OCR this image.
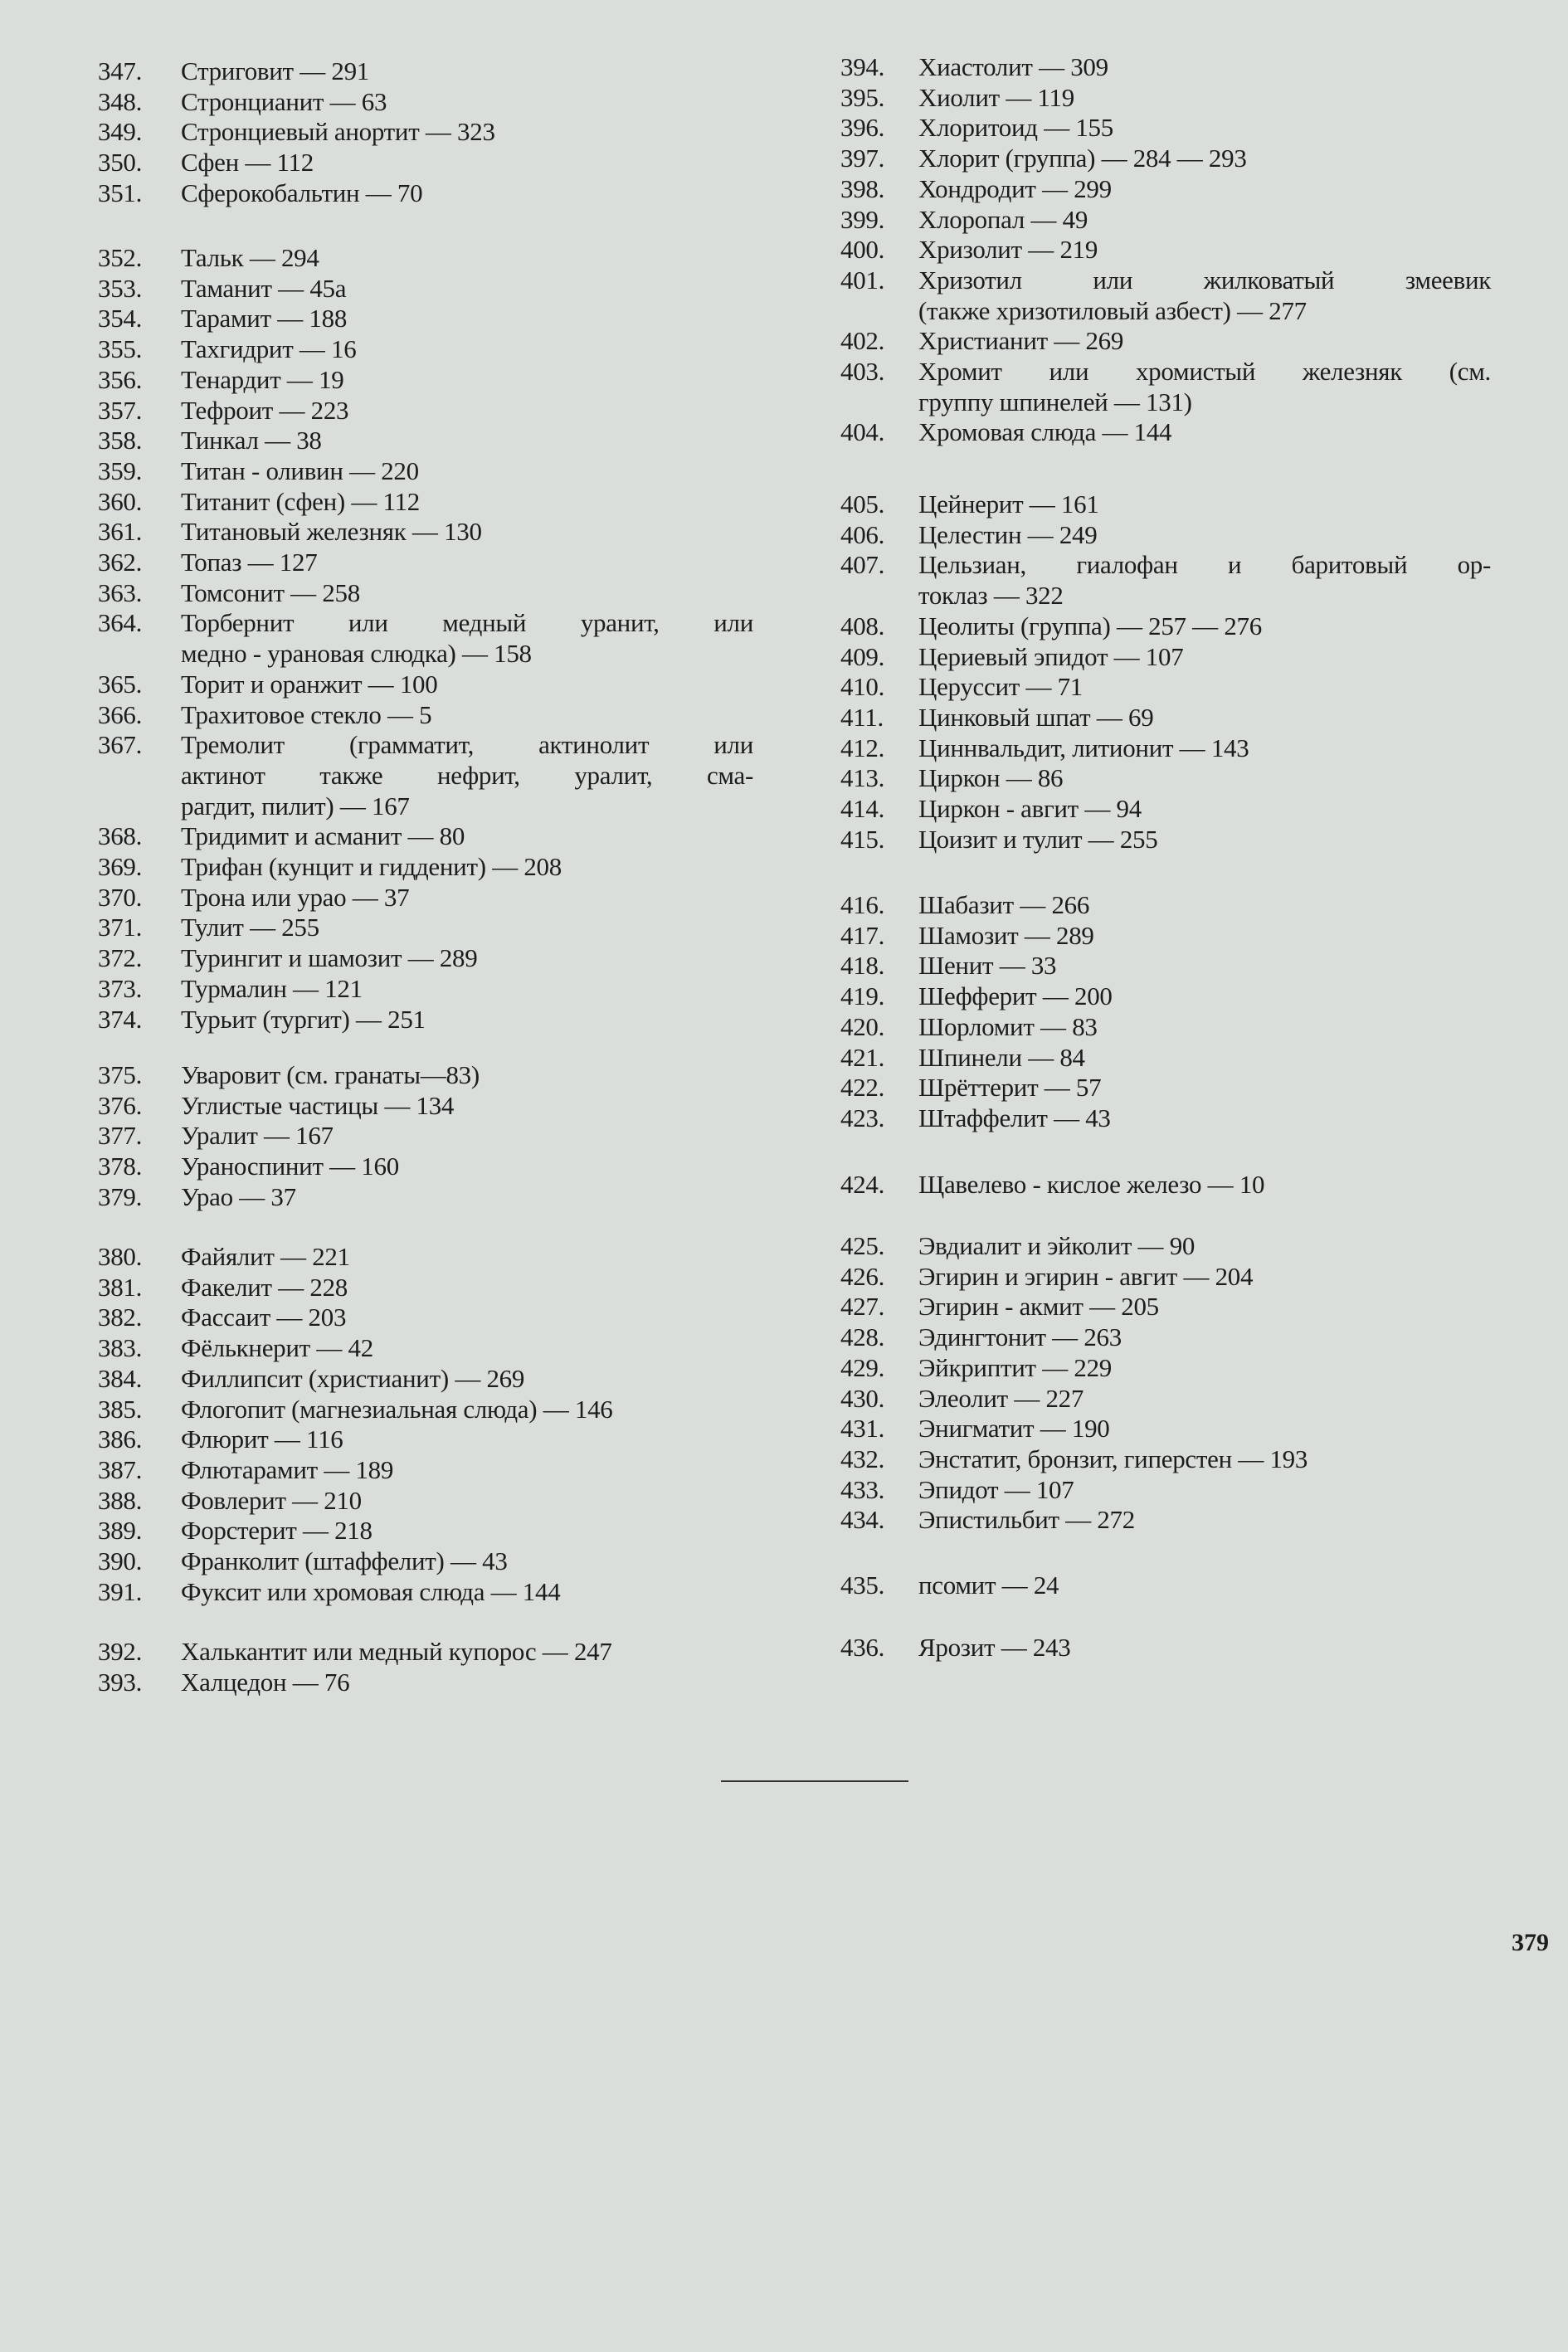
347.	Стриговит — 291
348.	Стронцианит — 63
349.	Стронциевый анортит — 323
350.	Сфен — 112
351.	Сферокобальтин — 70
352.	Тальк — 294
353.	Таманит — 45а
354.	Тарамит — 188
355.	Тахгидрит — 16
356.	Тенардит — 19
357.	Тефроит — 223
358.	Тинкал — 38
359.	Титан - оливин — 220
360.	Титанит (сфен) — 112
361.	Титановый железняк — 130
362.	Топаз — 127
363.	Томсонит — 258
364.	Торбернит или медный уранит, или
медно - урановая слюдка) — 158
365.	Торит и оранжит — 100
366.	Трахитовое стекло — 5
367.	Тремолит (грамматит, актинолит или
актинот также нефрит, уралит, сма-
рагдит, пилит) — 167
368.	Тридимит и асманит — 80
369.	Трифан (кунцит и гидденит) — 208
370.	Трона или урао — 37
371.	Тулит — 255
372.	Турингит и шамозит — 289
373.	Турмалин — 121
374.	Турьит (тургит) — 251
375.	Уваровит (см. гранаты—83)
376.	Углистые частицы — 134
377.	Уралит — 167
378.	Ураноспинит — 160
379.	Урао — 37
380.	Файялит — 221
381.	Факелит — 228
382.	Фассаит — 203
383.	Фёлькнерит — 42
384.	Филлипсит (христианит) — 269
385.	Флогопит (магнезиальная слюда) — 146
386.	Флюрит — 116
387.	Флютарамит — 189
388.	Фовлерит — 210
389.	Форстерит — 218
390.	Франколит (штаффелит) — 43
391.	Фуксит или хромовая слюда — 144
392.	Халькантит или медный купорос — 247
393.	Халцедон — 76
394.	Хиастолит — 309
395.	Хиолит — 119
396.	Хлоритоид — 155
397.	Хлорит (группа) — 284 — 293
398.	Хондродит — 299
399.	Хлоропал — 49
400.	Хризолит — 219
401.	Хризотил или жилковатый змеевик
(также хризотиловый азбест) — 277
402.	Христианит — 269
403.	Хромит или хромистый железняк (см.
группу шпинелей — 131)
404.	Хромовая слюда — 144
405.	Цейнерит — 161
406.	Целестин — 249
407.	Цельзиан, гиалофан и баритовый ор-
токлаз — 322
408.	Цеолиты (группа) — 257 — 276
409.	Цериевый эпидот — 107
410.	Церуссит — 71
411.	Цинковый шпат — 69
412.	Циннвальдит, литионит — 143
413.	Циркон — 86
414.	Циркон - авгит — 94
415.	Цоизит и тулит — 255
416.	Шабазит — 266
417.	Шамозит — 289
418.	Шенит — 33
419.	Шефферит — 200
420.	Шорломит — 83
421.	Шпинели — 84
422.	Шрёттерит — 57
423.	Штаффелит — 43
424.	Щавелево - кислое железо — 10
425.	Эвдиалит и эйколит — 90
426.	Эгирин и эгирин - авгит — 204
427.	Эгирин - акмит — 205
428.	Эдингтонит — 263
429.	Эйкриптит — 229
430.	Элеолит — 227
431.	Энигматит — 190
432.	Энстатит, бронзит, гиперстен — 193
433.	Эпидот — 107
434.	Эпистильбит — 272
435.	псомит — 24
436.	Ярозит — 243
379
